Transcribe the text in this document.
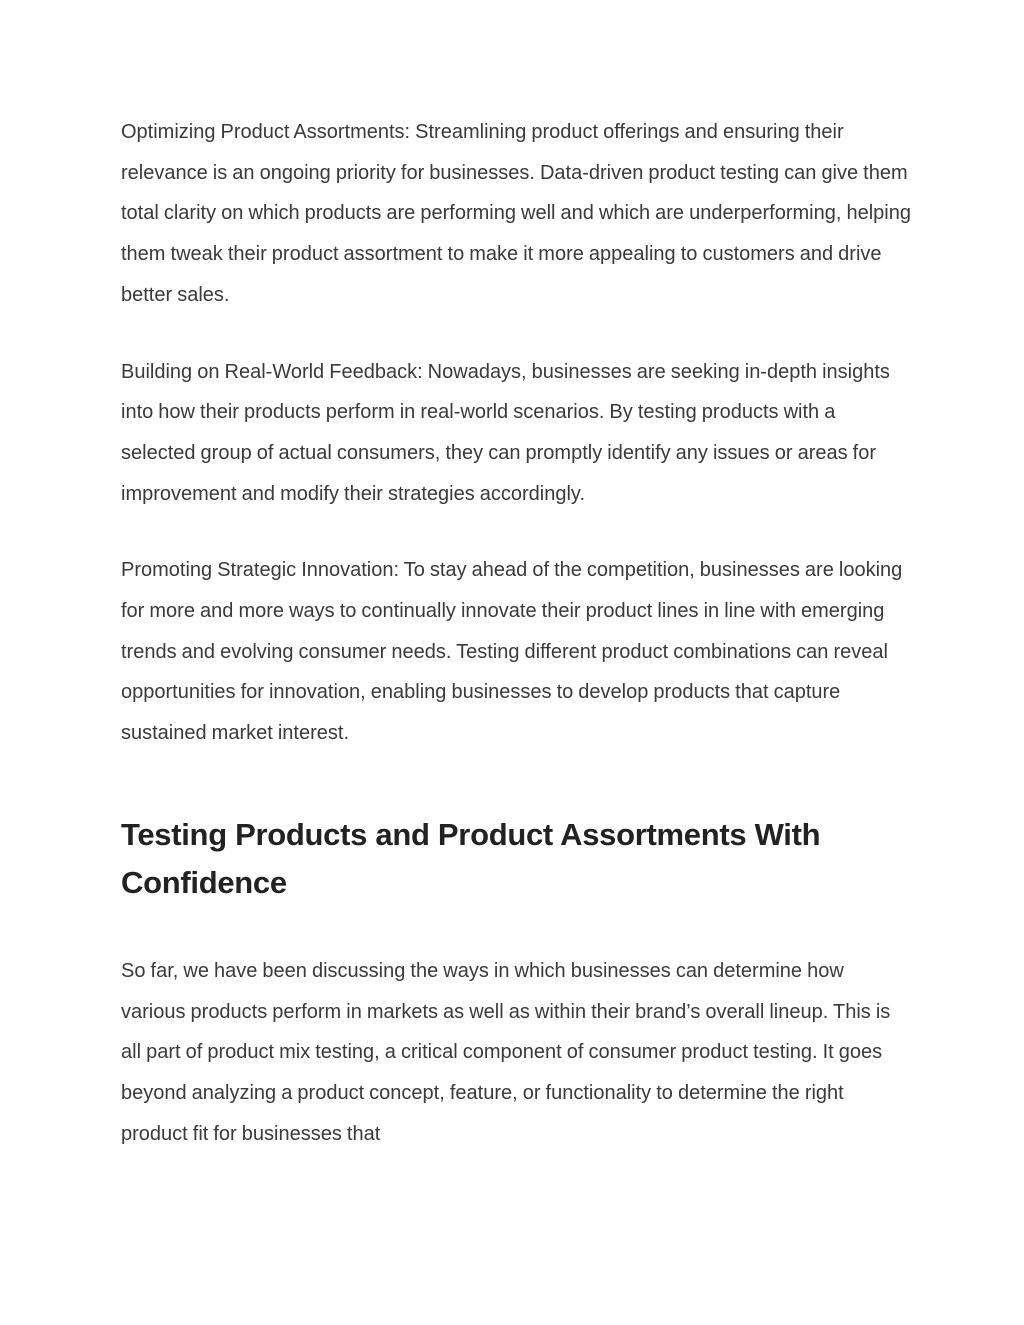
Optimizing Product Assortments: Streamlining product offerings and ensuring their relevance is an ongoing priority for businesses. Data-driven product testing can give them total clarity on which products are performing well and which are underperforming, helping them tweak their product assortment to make it more appealing to customers and drive better sales.

Building on Real-World Feedback: Nowadays, businesses are seeking in-depth insights into how their products perform in real-world scenarios. By testing products with a selected group of actual consumers, they can promptly identify any issues or areas for improvement and modify their strategies accordingly.

Promoting Strategic Innovation: To stay ahead of the competition, businesses are looking for more and more ways to continually innovate their product lines in line with emerging trends and evolving consumer needs. Testing different product combinations can reveal opportunities for innovation, enabling businesses to develop products that capture sustained market interest.

Testing Products and Product Assortments With Confidence

So far, we have been discussing the ways in which businesses can determine how various products perform in markets as well as within their brand’s overall lineup. This is all part of product mix testing, a critical component of consumer product testing. It goes beyond analyzing a product concept, feature, or functionality to determine the right product fit for businesses that
